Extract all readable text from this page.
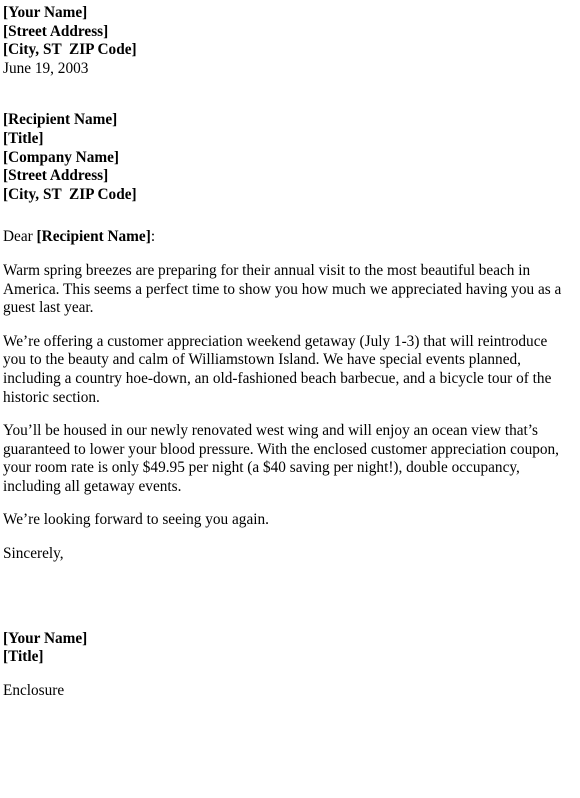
[Your Name]
[Street Address]
[City, ST  ZIP Code]
June 19, 2003
[Recipient Name]
[Title]
[Company Name]
[Street Address]
[City, ST  ZIP Code]
Dear [Recipient Name]:

Warm spring breezes are preparing for their annual visit to the most beautiful beach in America. This seems a perfect time to show you how much we appreciated having you as a guest last year.

We’re offering a customer appreciation weekend getaway (July 1-3) that will reintroduce you to the beauty and calm of Williamstown Island. We have special events planned, including a country hoe-down, an old-fashioned beach barbecue, and a bicycle tour of the historic section.

You’ll be housed in our newly renovated west wing and will enjoy an ocean view that’s guaranteed to lower your blood pressure. With the enclosed customer appreciation coupon, your room rate is only $49.95 per night (a $40 saving per night!), double occupancy, including all getaway events.

We’re looking forward to seeing you again.

Sincerely,
[Your Name]
[Title]
Enclosure
